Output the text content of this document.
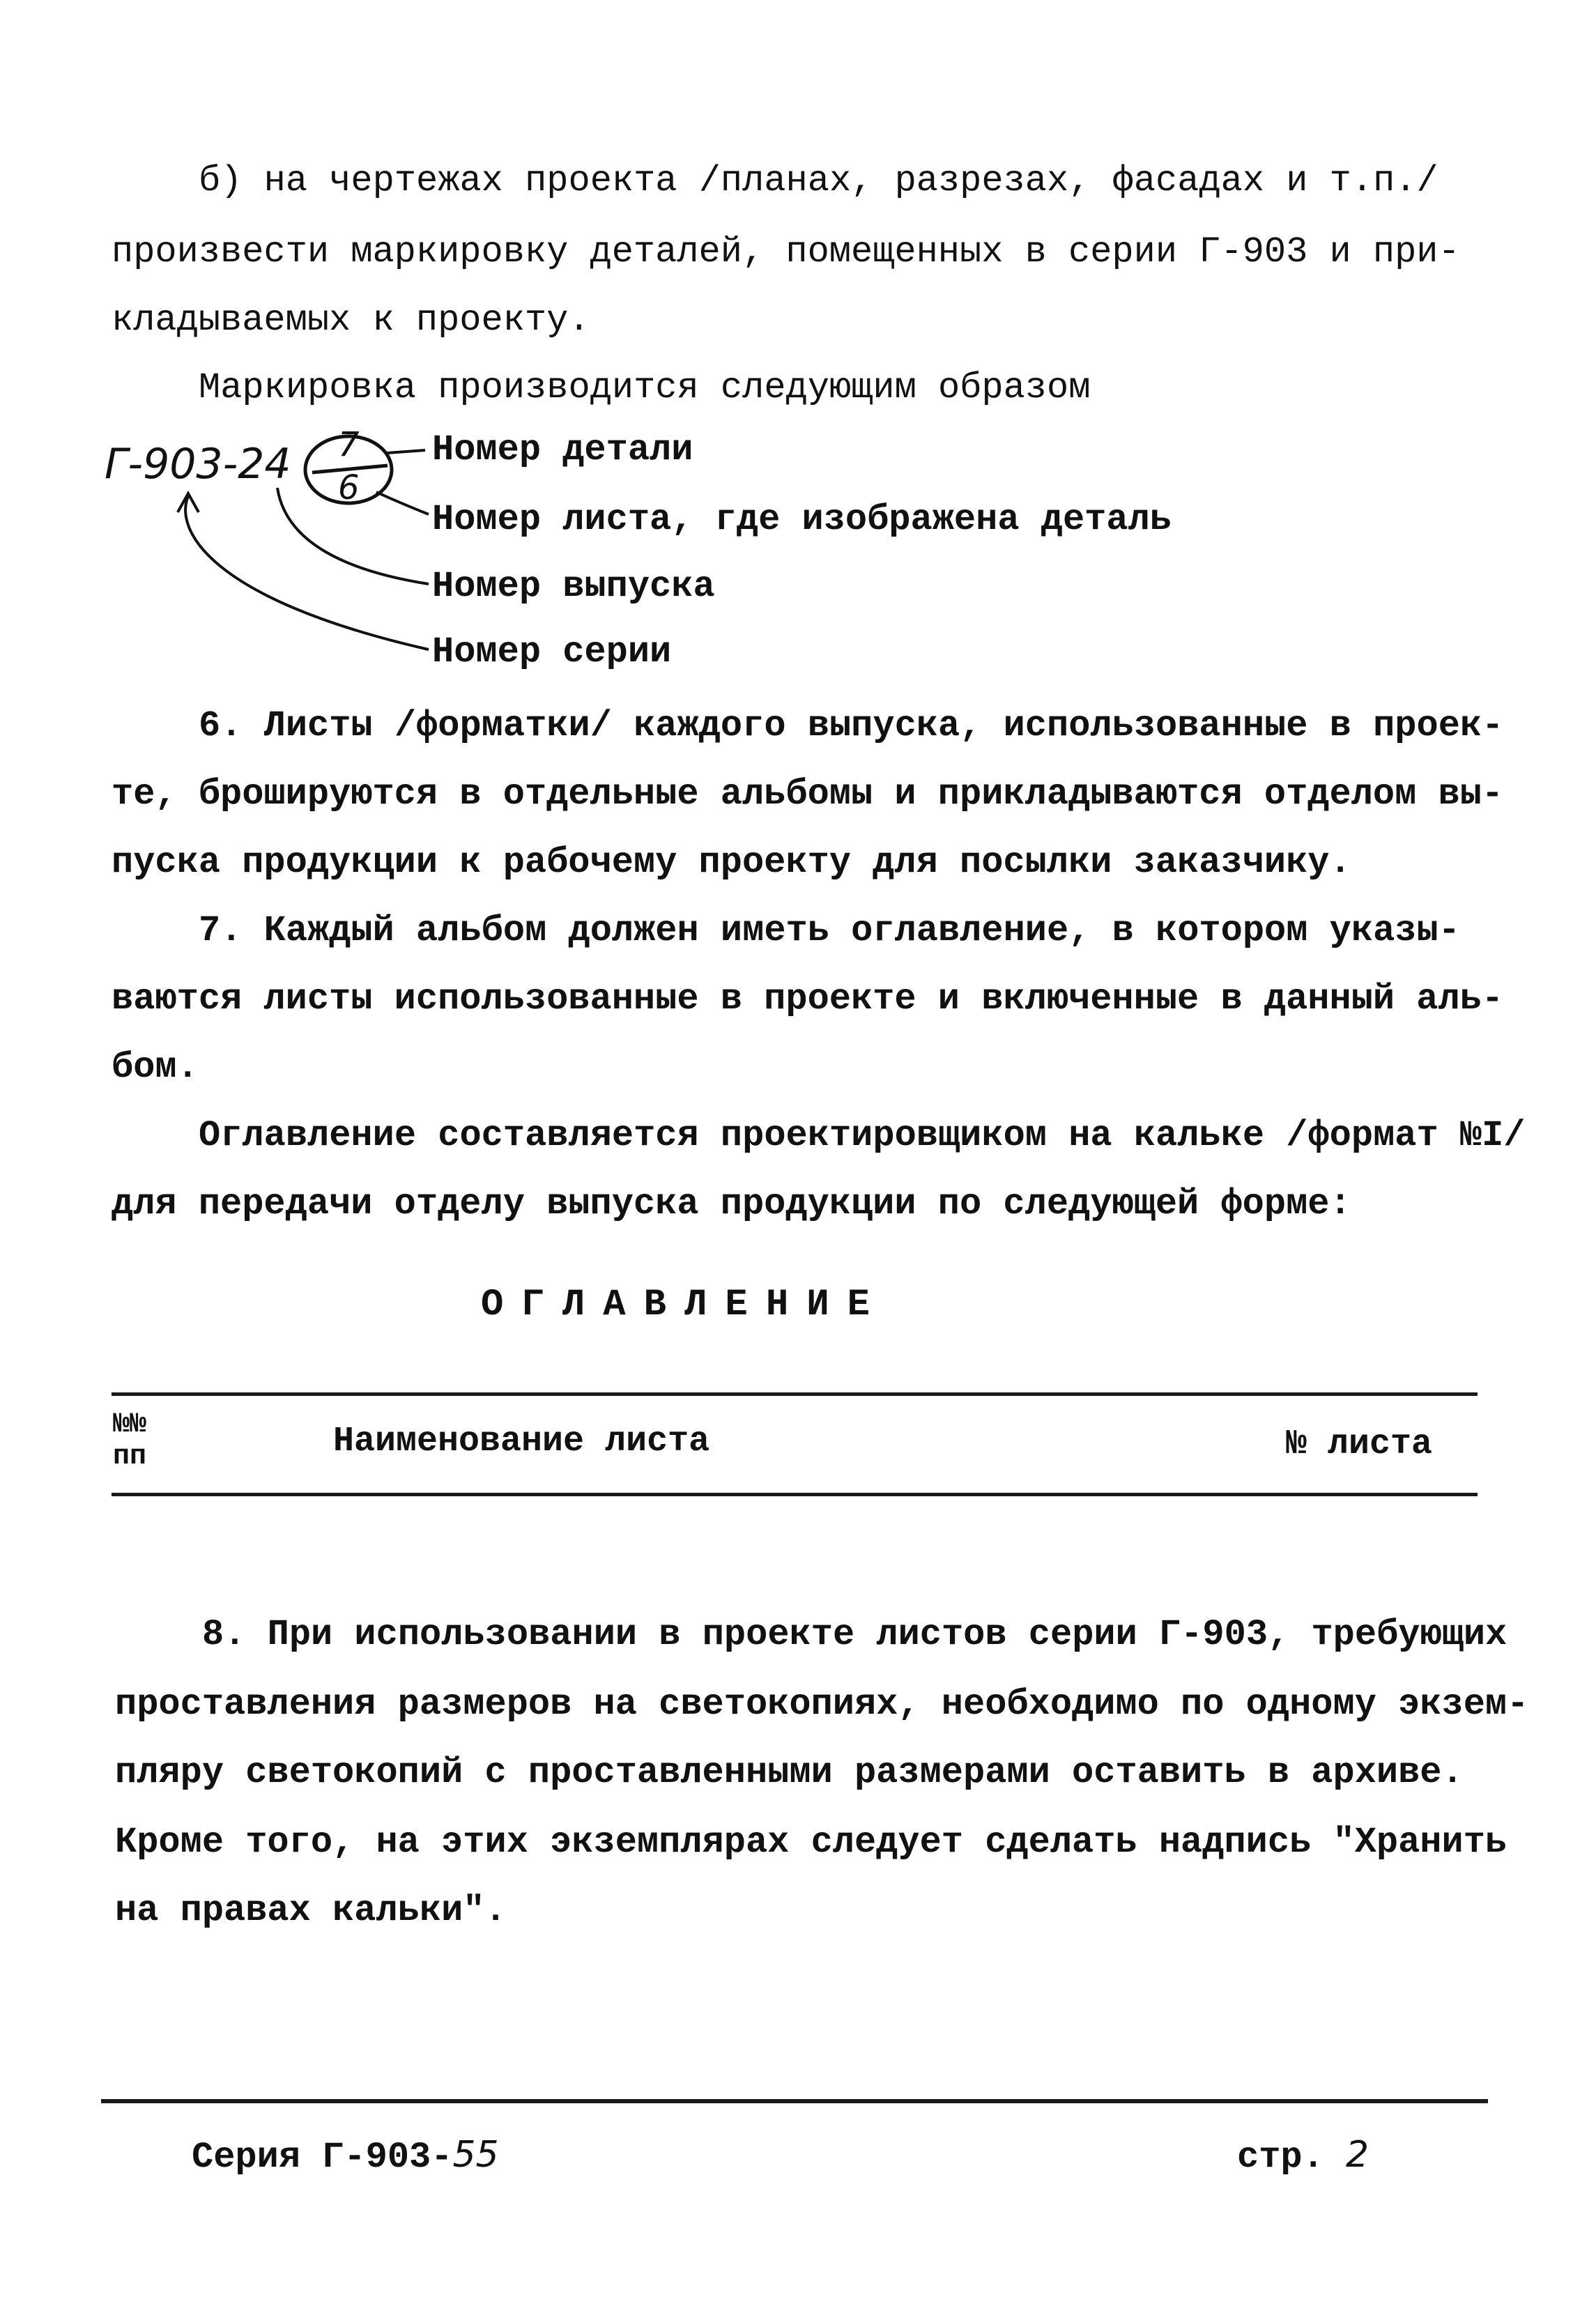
б) на чертежах проекта /планах, разрезах, фасадах и т.п./
произвести маркировку деталей, помещенных в серии Г-903 и при-
кладываемых к проекту.
Маркировка производится следующим образом
Г-903-24 7
6
Номер детали
Номер листа, где изображена деталь
Номер выпуска
Номер серии
6. Листы /форматки/ каждого выпуска, использованные в проек-
те, брошируются в отдельные альбомы и прикладываются отделом вы-
пуска продукции к рабочему проекту для посылки заказчику.
7. Каждый альбом должен иметь оглавление, в котором указы-
ваются листы использованные в проекте и включенные в данный аль-
бом.
Оглавление составляется проектировщиком на кальке /формат №I/
для передачи отделу выпуска продукции по следующей форме:
ОГЛАВЛЕНИЕ
№№
пп	Наименование листа	№ листа
8. При использовании в проекте листов серии Г-903, требующих
проставления размеров на светокопиях, необходимо по одному экзем-
пляру светокопий с проставленными размерами оставить в архиве.
Кроме того, на этих экземплярах следует сделать надпись "Хранить
на правах кальки".
Серия Г-903-55	стр. 2
